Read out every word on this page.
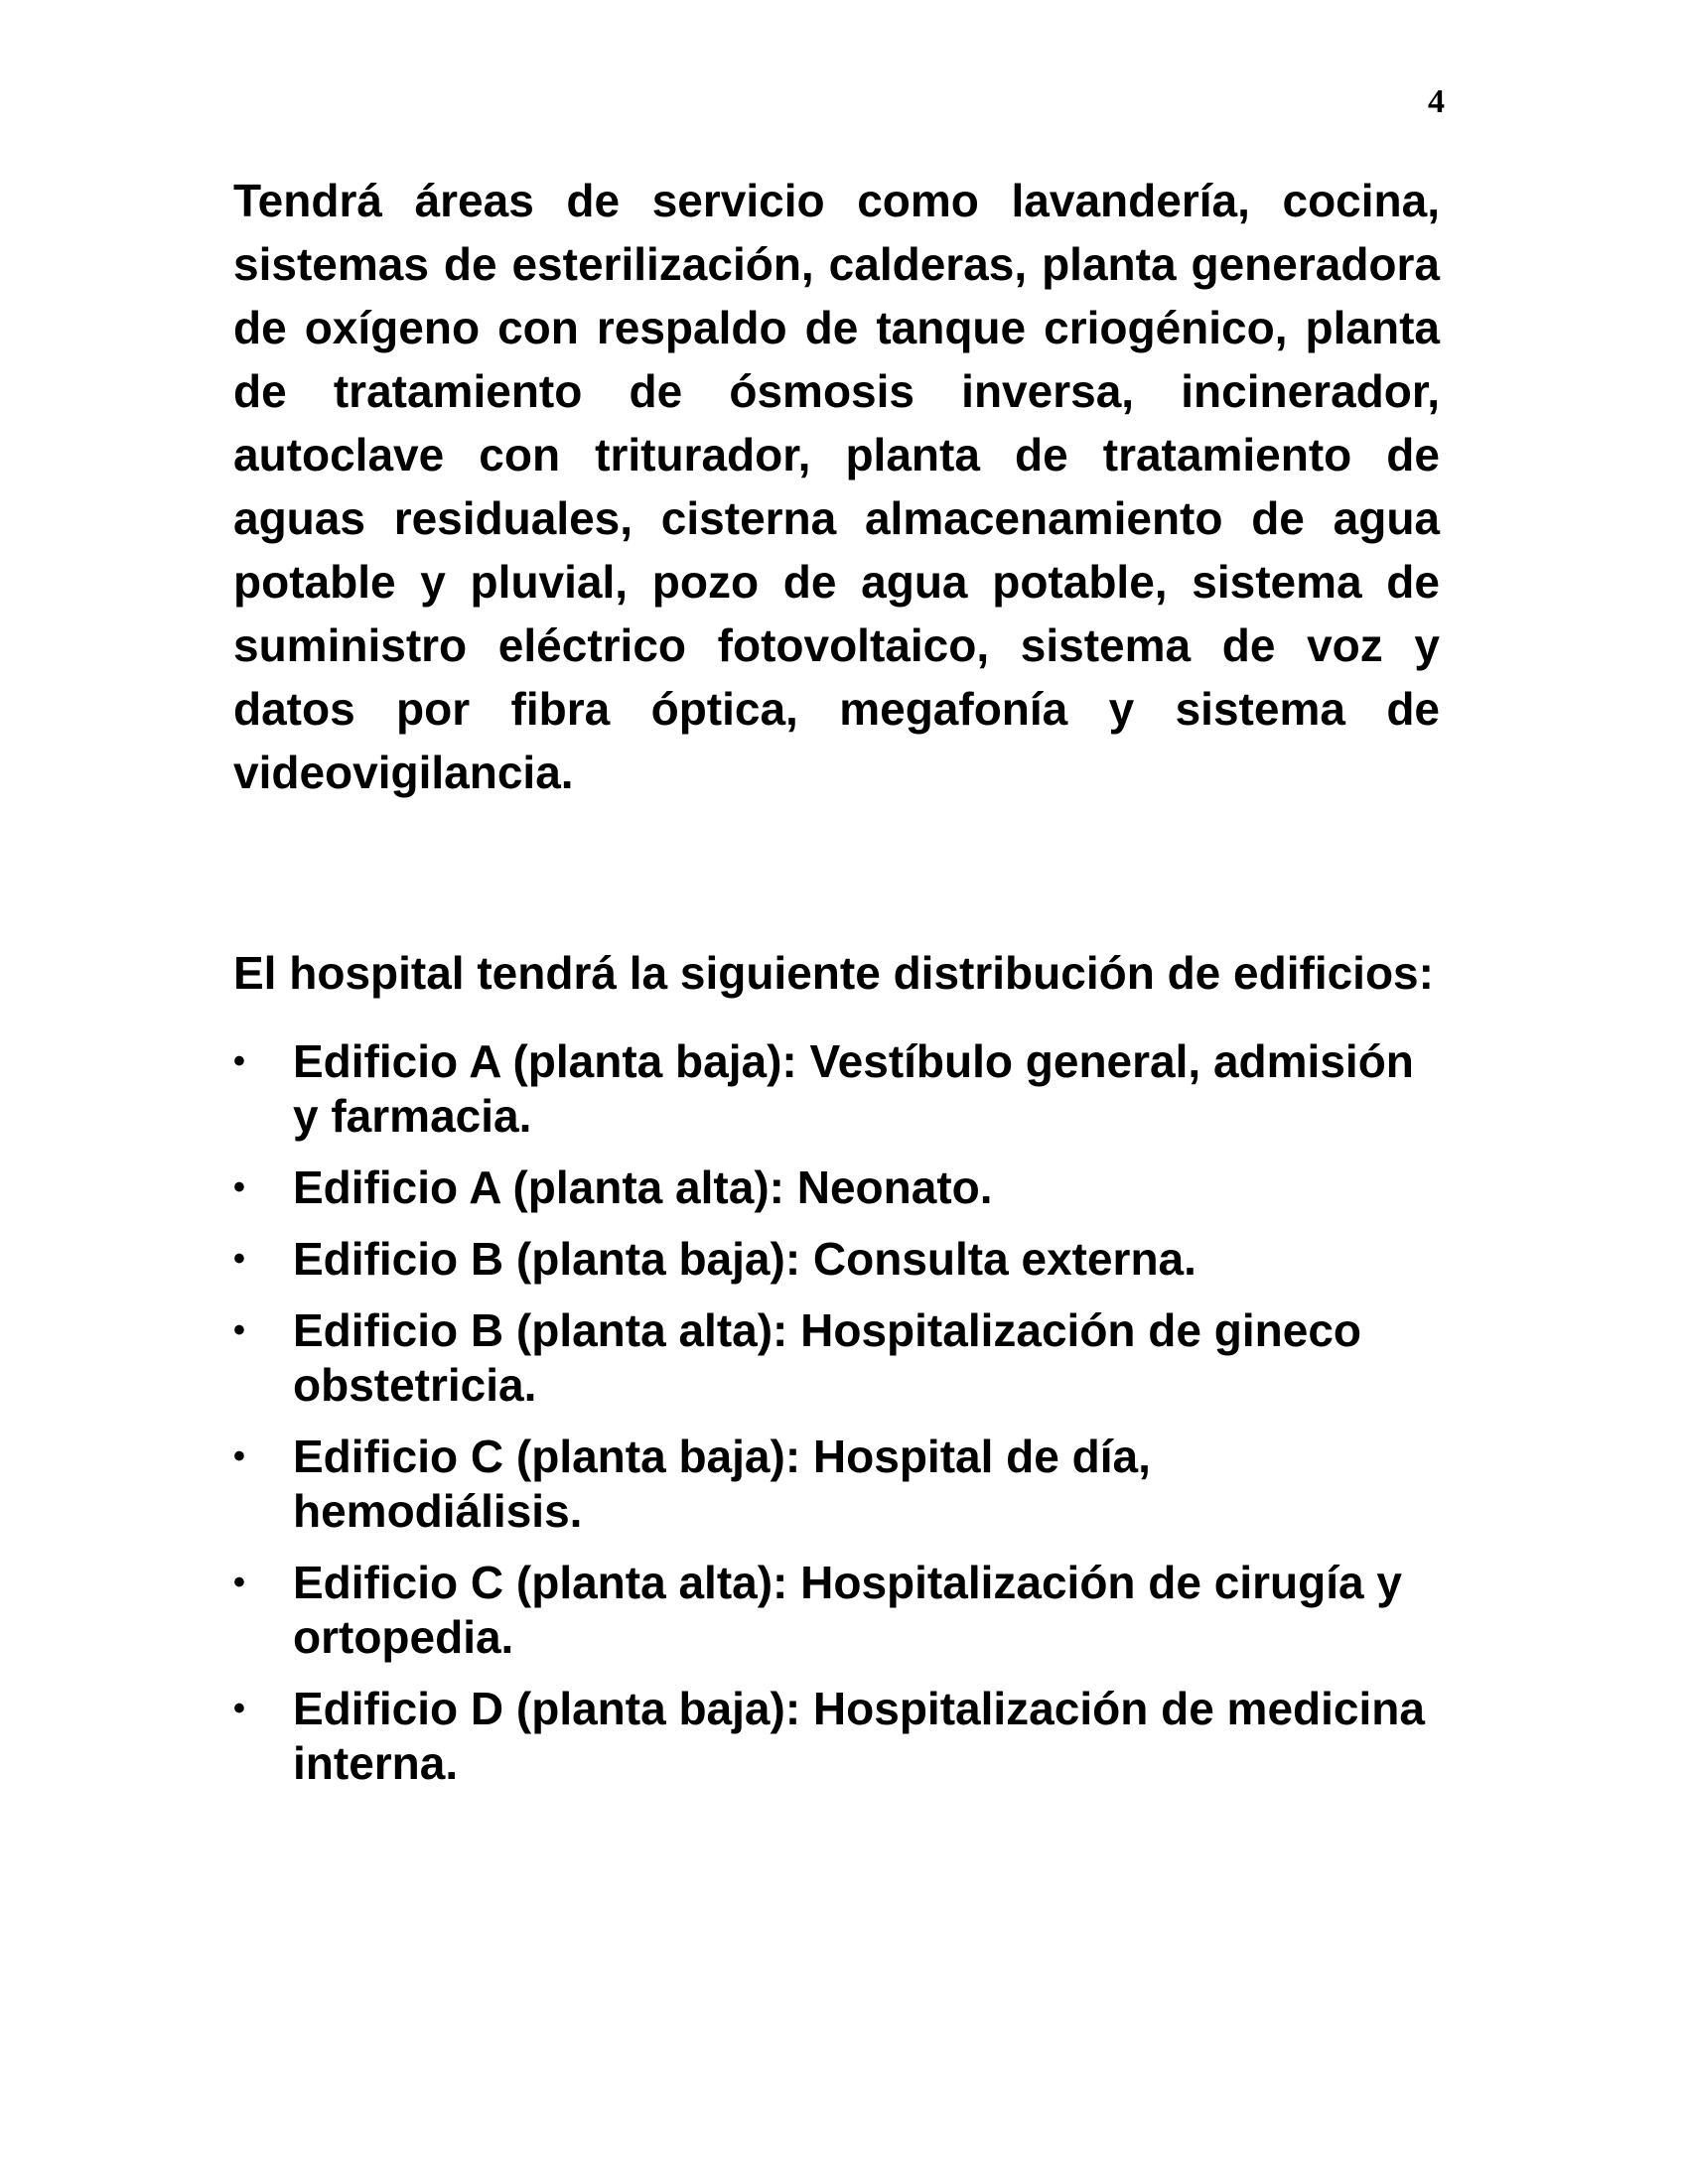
4

Tendrá áreas de servicio como lavandería, cocina, sistemas de esterilización, calderas, planta generadora de oxígeno con respaldo de tanque criogénico, planta de tratamiento de ósmosis inversa, incinerador, autoclave con triturador, planta de tratamiento de aguas residuales, cisterna almacenamiento de agua potable y pluvial, pozo de agua potable, sistema de suministro eléctrico fotovoltaico, sistema de voz y datos por fibra óptica, megafonía y sistema de videovigilancia.

El hospital tendrá la siguiente distribución de edificios:

•	Edificio A (planta baja): Vestíbulo general, admisión y farmacia.
•	Edificio A (planta alta): Neonato.
•	Edificio B (planta baja): Consulta externa.
•	Edificio B (planta alta): Hospitalización de gineco obstetricia.
•	Edificio C (planta baja): Hospital de día, hemodiálisis.
•	Edificio C (planta alta): Hospitalización de cirugía y ortopedia.
•	Edificio D (planta baja): Hospitalización de medicina interna.
